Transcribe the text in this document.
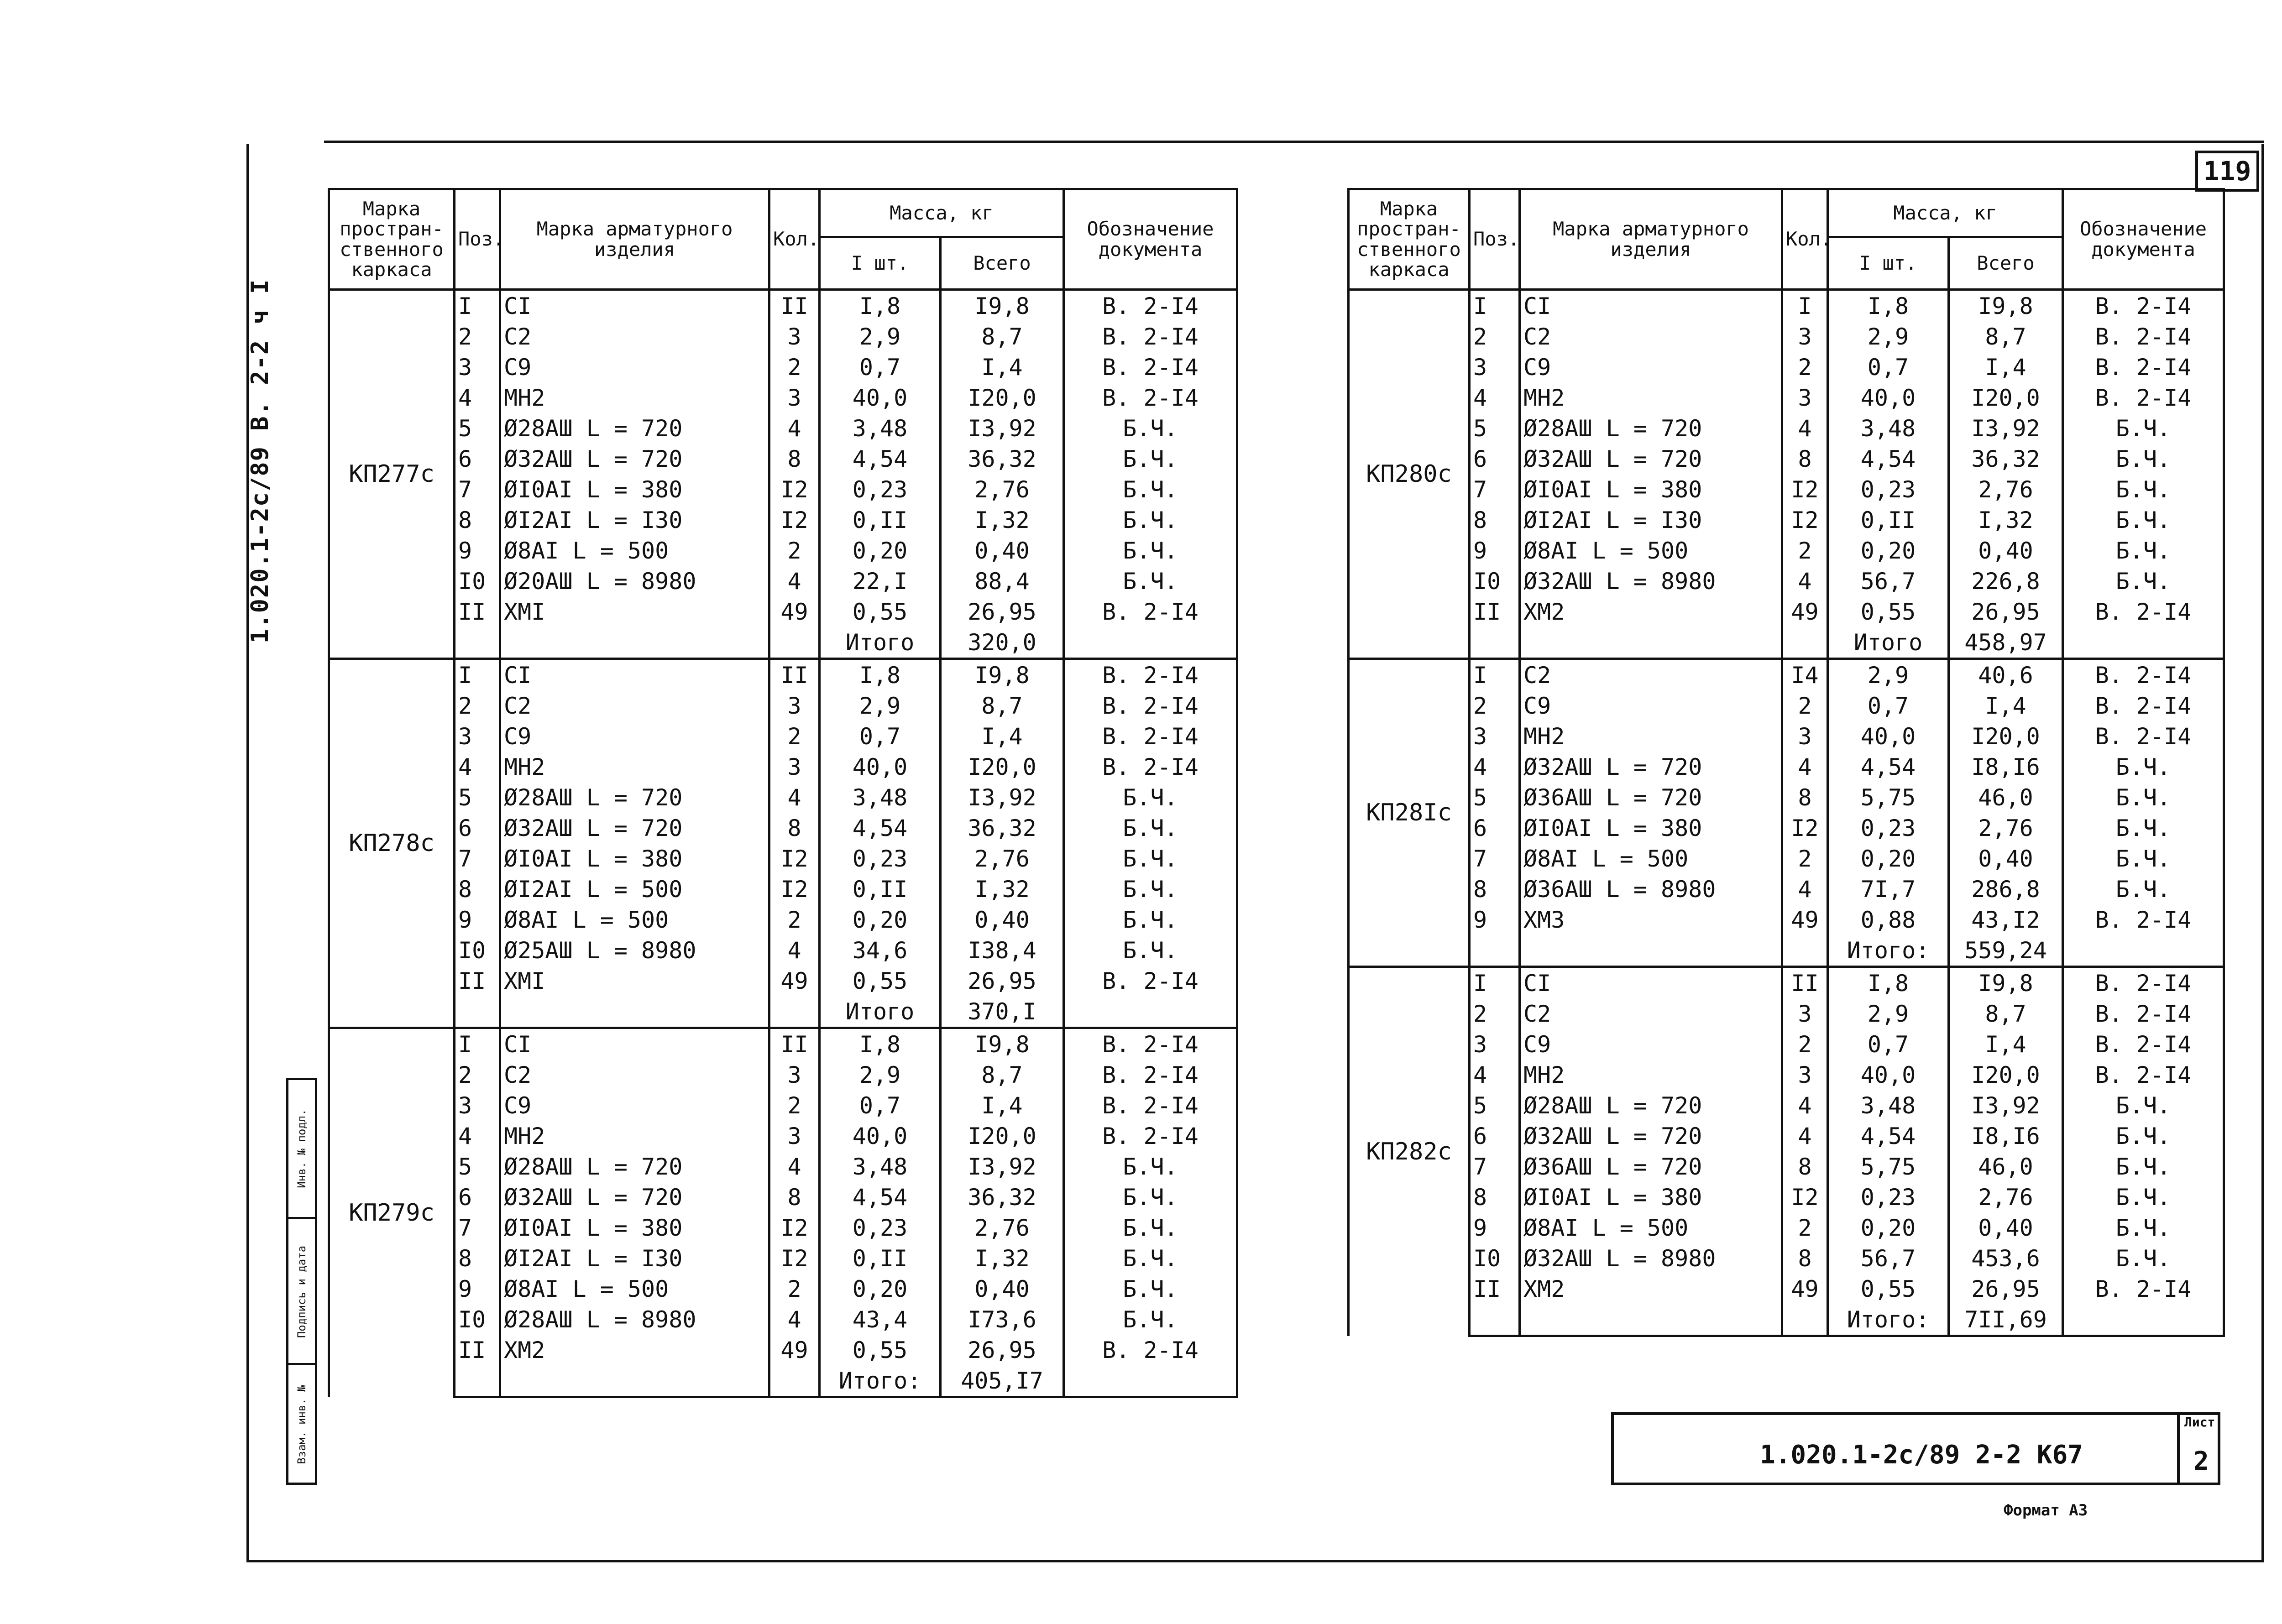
119
1.020.1-2с/89 В. 2-2 ч I
Инв. № подл.
Подпись и дата
Взам. инв. №
Марка простран-ственного каркаса	Поз.	Марка арматурного изделия	Кол.	Масса, кг		Обозначение документа
				I шт.	Всего	
КП277с	I	СI	II	I,8	I9,8	В. 2-I4
	2	С2	3	2,9	8,7	В. 2-I4
	3	С9	2	0,7	I,4	В. 2-I4
	4	МН2	3	40,0	I20,0	В. 2-I4
	5	Ø28АШ L = 720	4	3,48	I3,92	Б.Ч.
	6	Ø32АШ L = 720	8	4,54	36,32	Б.Ч.
	7	ØI0АI L = 380	I2	0,23	2,76	Б.Ч.
	8	ØI2АI L = I30	I2	0,II	I,32	Б.Ч.
	9	Ø8АI L = 500	2	0,20	0,40	Б.Ч.
	I0	Ø20АШ L = 8980	4	22,I	88,4	Б.Ч.
	II	ХМI	49	0,55	26,95	В. 2-I4
				Итого	320,0	
КП278с	I	СI	II	I,8	I9,8	В. 2-I4
	2	С2	3	2,9	8,7	В. 2-I4
	3	С9	2	0,7	I,4	В. 2-I4
	4	МН2	3	40,0	I20,0	В. 2-I4
	5	Ø28АШ L = 720	4	3,48	I3,92	Б.Ч.
	6	Ø32АШ L = 720	8	4,54	36,32	Б.Ч.
	7	ØI0АI L = 380	I2	0,23	2,76	Б.Ч.
	8	ØI2АI L = 500	I2	0,II	I,32	Б.Ч.
	9	Ø8АI L = 500	2	0,20	0,40	Б.Ч.
	I0	Ø25АШ L = 8980	4	34,6	I38,4	Б.Ч.
	II	ХМI	49	0,55	26,95	В. 2-I4
				Итого	370,I	
КП279с	I	СI	II	I,8	I9,8	В. 2-I4
	2	С2	3	2,9	8,7	В. 2-I4
	3	С9	2	0,7	I,4	В. 2-I4
	4	МН2	3	40,0	I20,0	В. 2-I4
	5	Ø28АШ L = 720	4	3,48	I3,92	Б.Ч.
	6	Ø32АШ L = 720	8	4,54	36,32	Б.Ч.
	7	ØI0АI L = 380	I2	0,23	2,76	Б.Ч.
	8	ØI2АI L = I30	I2	0,II	I,32	Б.Ч.
	9	Ø8АI L = 500	2	0,20	0,40	Б.Ч.
	I0	Ø28АШ L = 8980	4	43,4	I73,6	Б.Ч.
	II	ХМ2	49	0,55	26,95	В. 2-I4
				Итого:	405,I7	
Марка простран-ственного каркаса	Поз.	Марка арматурного изделия	Кол.	Масса, кг		Обозначение документа
				I шт.	Всего	
КП280с	I	СI	I	I,8	I9,8	В. 2-I4
	2	С2	3	2,9	8,7	В. 2-I4
	3	С9	2	0,7	I,4	В. 2-I4
	4	МН2	3	40,0	I20,0	В. 2-I4
	5	Ø28АШ L = 720	4	3,48	I3,92	Б.Ч.
	6	Ø32АШ L = 720	8	4,54	36,32	Б.Ч.
	7	ØI0АI L = 380	I2	0,23	2,76	Б.Ч.
	8	ØI2АI L = I30	I2	0,II	I,32	Б.Ч.
	9	Ø8АI L = 500	2	0,20	0,40	Б.Ч.
	I0	Ø32АШ L = 8980	4	56,7	226,8	Б.Ч.
	II	ХМ2	49	0,55	26,95	В. 2-I4
				Итого	458,97	
КП28Iс	I	С2	I4	2,9	40,6	В. 2-I4
	2	С9	2	0,7	I,4	В. 2-I4
	3	МН2	3	40,0	I20,0	В. 2-I4
	4	Ø32АШ L = 720	4	4,54	I8,I6	Б.Ч.
	5	Ø36АШ L = 720	8	5,75	46,0	Б.Ч.
	6	ØI0АI L = 380	I2	0,23	2,76	Б.Ч.
	7	Ø8АI L = 500	2	0,20	0,40	Б.Ч.
	8	Ø36АШ L = 8980	4	7I,7	286,8	Б.Ч.
	9	ХМ3	49	0,88	43,I2	В. 2-I4
				Итого:	559,24	
КП282с	I	СI	II	I,8	I9,8	В. 2-I4
	2	С2	3	2,9	8,7	В. 2-I4
	3	С9	2	0,7	I,4	В. 2-I4
	4	МН2	3	40,0	I20,0	В. 2-I4
	5	Ø28АШ L = 720	4	3,48	I3,92	Б.Ч.
	6	Ø32АШ L = 720	4	4,54	I8,I6	Б.Ч.
	7	Ø36АШ L = 720	8	5,75	46,0	Б.Ч.
	8	ØI0АI L = 380	I2	0,23	2,76	Б.Ч.
	9	Ø8АI L = 500	2	0,20	0,40	Б.Ч.
	I0	Ø32АШ L = 8980	8	56,7	453,6	Б.Ч.
	II	ХМ2	49	0,55	26,95	В. 2-I4
				Итого:	7II,69	
1.020.1-2с/89 2-2 К67
Лист
2
Формат А3
